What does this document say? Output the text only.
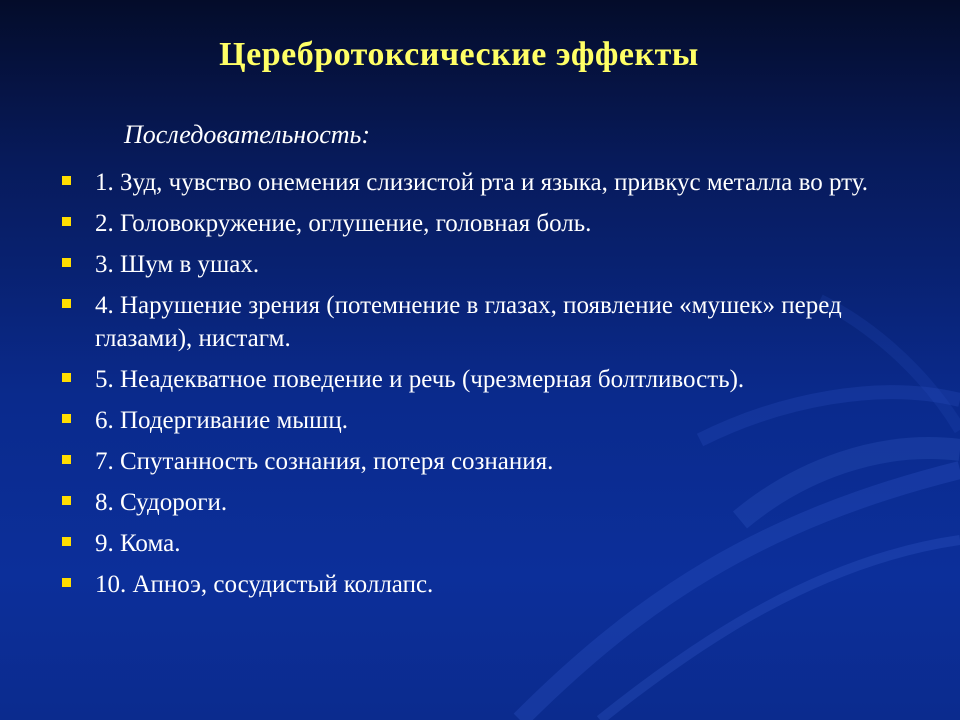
Церебротоксические эффекты
Последовательность:
1. Зуд, чувство онемения слизистой рта и языка, привкус металла во рту.
2. Головокружение, оглушение, головная боль.
3. Шум в ушах.
4. Нарушение зрения (потемнение в глазах, появление «мушек» перед глазами), нистагм.
5. Неадекватное поведение и речь (чрезмерная болтливость).
6. Подергивание мышц.
7. Спутанность сознания, потеря сознания.
8. Судороги.
9. Кома.
10. Апноэ, сосудистый коллапс.
